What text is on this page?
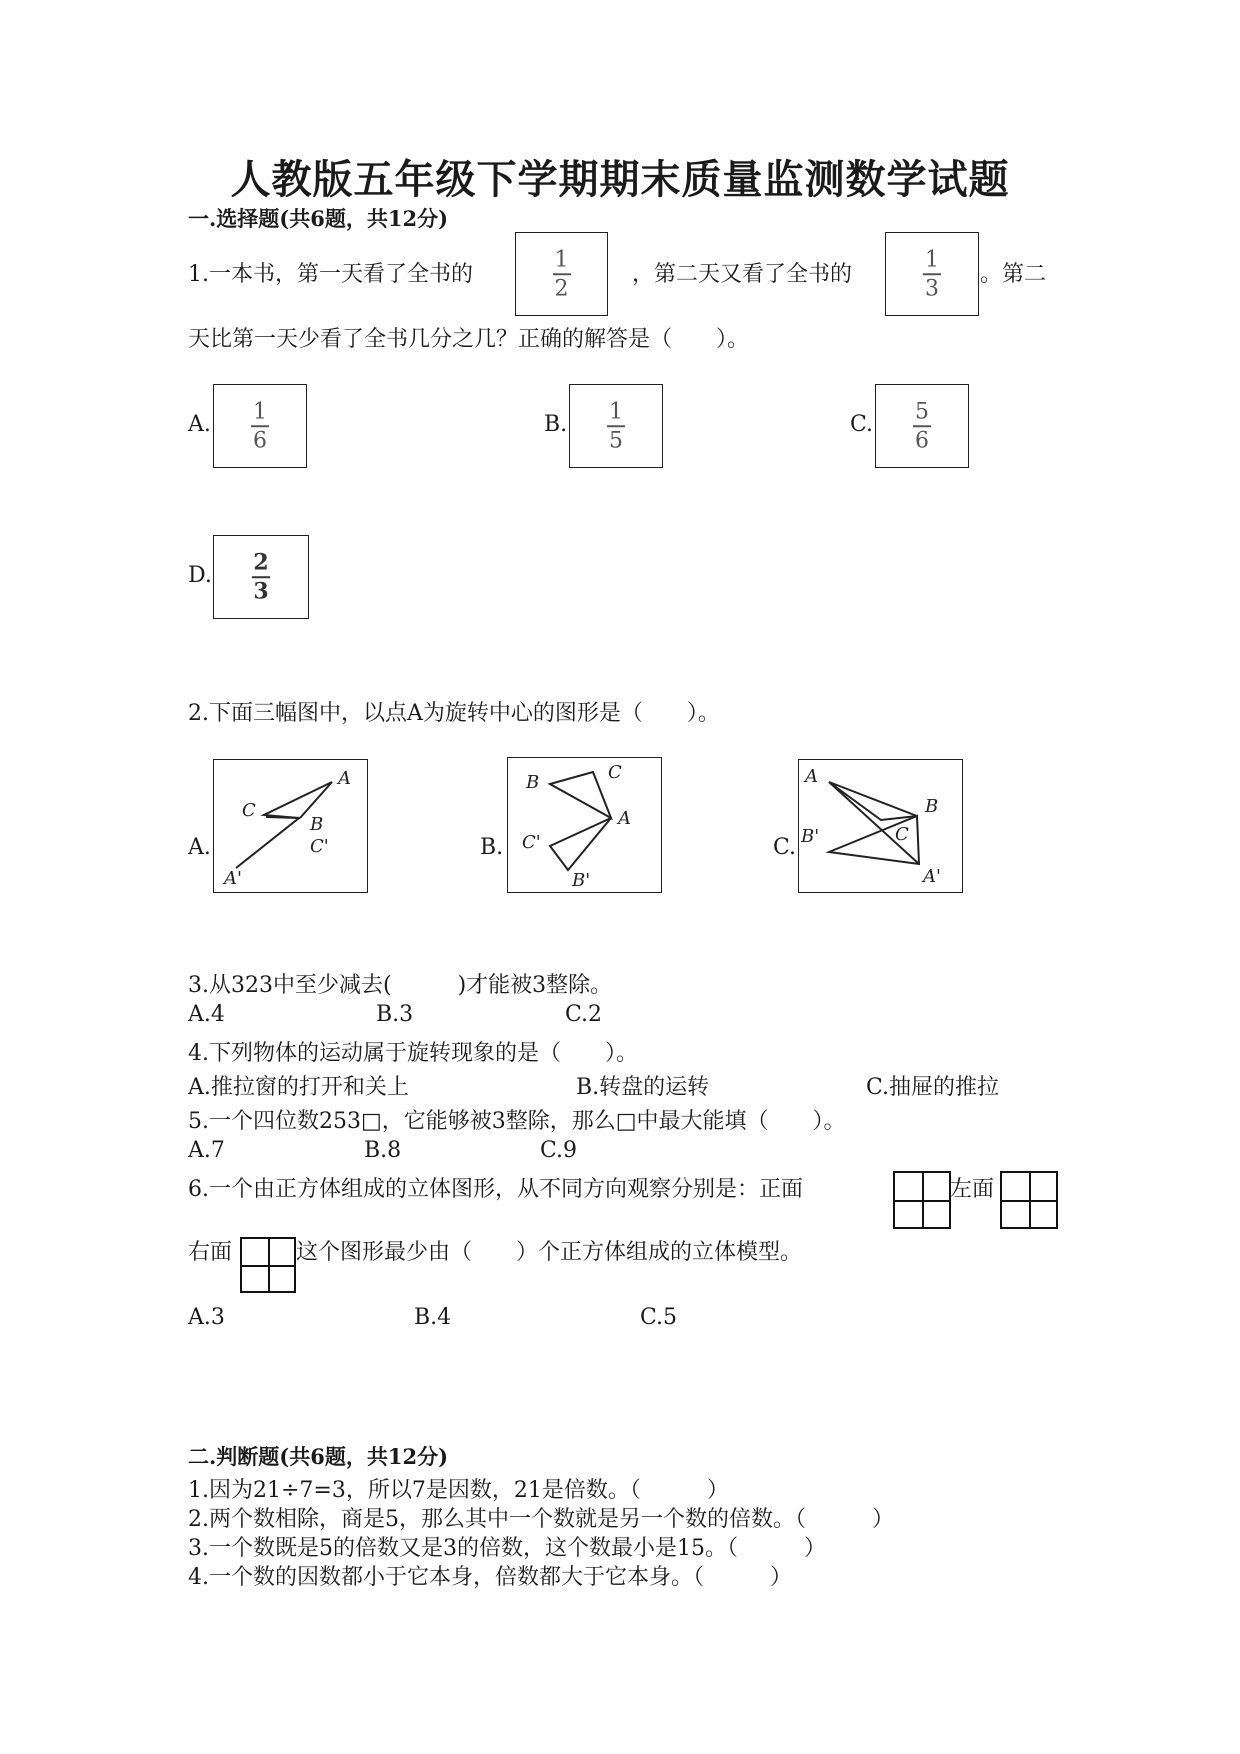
人教版五年级下学期期末质量监测数学试题
一.选择题(共6题，共12分)
1.一本书，第一天看了全书的
1
2
，第二天又看了全书的
1
3
。第二
天比第一天少看了全书几分之几？正确的解答是（　　）。
A.
1
6
B.
1
5
C.
5
6
D.
2
3
2.下面三幅图中，以点A为旋转中心的图形是（　　）。
A.
A
B
C
C'
A'
B.
B	C
A
C'
B'
C.
A
B
C
B'
A'
3.从323中至少减去(　　　)才能被3整除。
A.4	B.3	C.2
4.下列物体的运动属于旋转现象的是（　　）。
A.推拉窗的打开和关上	B.转盘的运转	C.抽屉的推拉
5.一个四位数253□，它能够被3整除，那么□中最大能填（　　）。
A.7	B.8	C.9
6.一个由正方体组成的立体图形，从不同方向观察分别是：正面	左面
右面	这个图形最少由（　　）个正方体组成的立体模型。
A.3	B.4	C.5
二.判断题(共6题，共12分)
1.因为21÷7=3，所以7是因数，21是倍数。（　　　）
2.两个数相除，商是5，那么其中一个数就是另一个数的倍数。（　　　）
3.一个数既是5的倍数又是3的倍数，这个数最小是15。（　　　）
4.一个数的因数都小于它本身，倍数都大于它本身。（　　　）
